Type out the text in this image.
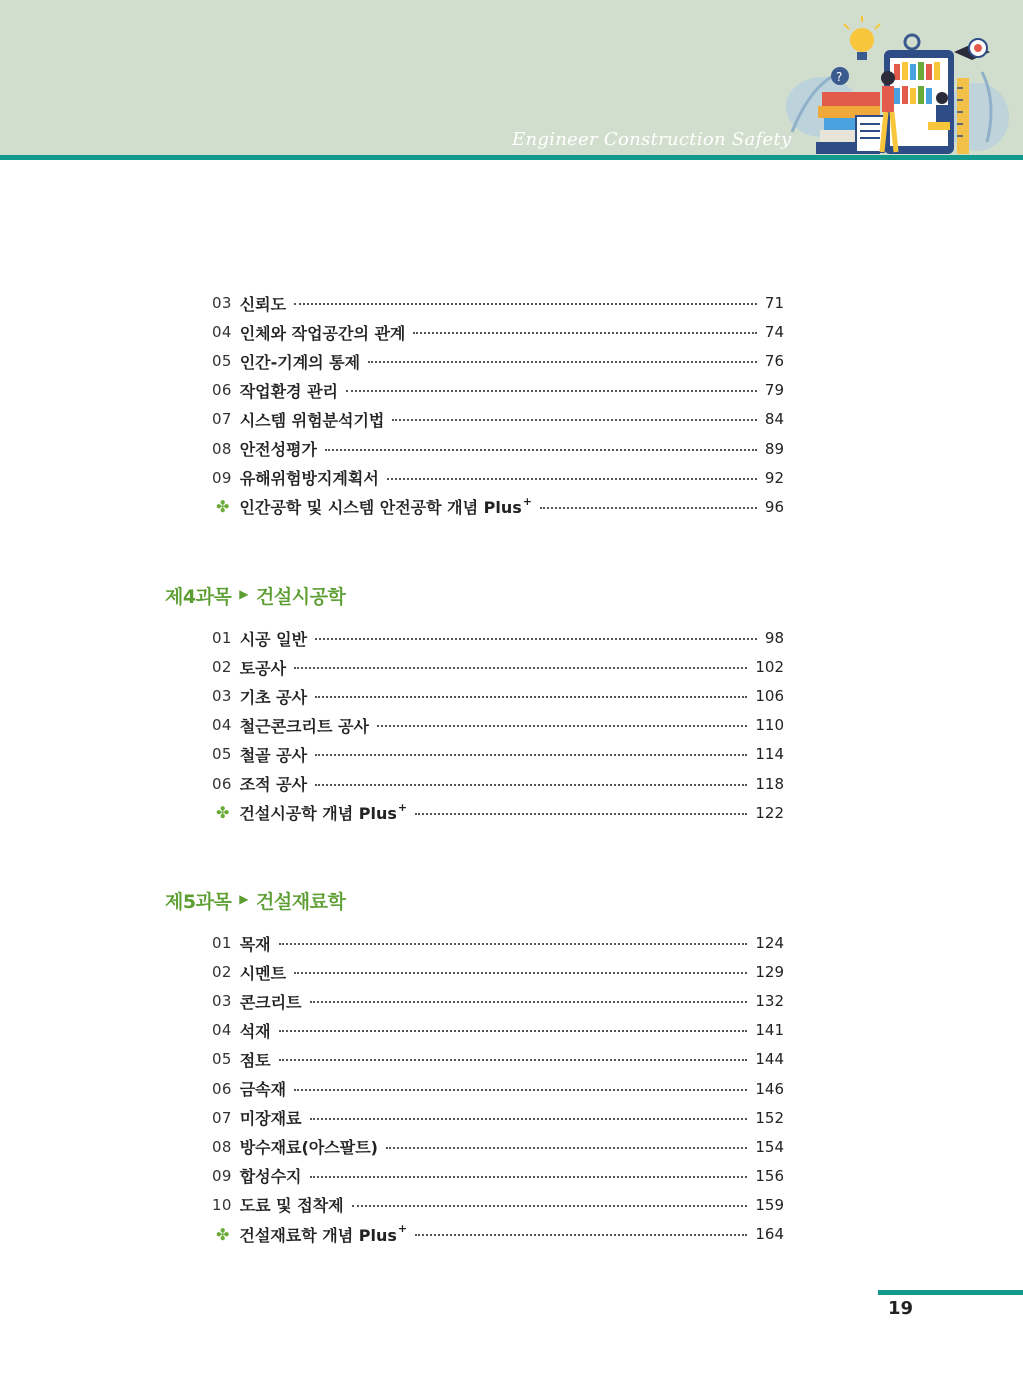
Engineer Construction Safety
?
03 신뢰도	71
04 인체와 작업공간의 관계	74
05 인간-기계의 통제	76
06 작업환경 관리	79
07 시스템 위험분석기법	84
08 안전성평가	89
09 유해위험방지계획서	92
✤ 인간공학 및 시스템 안전공학 개념 Plus+	96
제4과목 ▶ 건설시공학
01 시공 일반	98
02 토공사	102
03 기초 공사	106
04 철근콘크리트 공사	110
05 철골 공사	114
06 조적 공사	118
✤ 건설시공학 개념 Plus+	122
제5과목 ▶ 건설재료학
01 목재	124
02 시멘트	129
03 콘크리트	132
04 석재	141
05 점토	144
06 금속재	146
07 미장재료	152
08 방수재료(아스팔트)	154
09 합성수지	156
10 도료 및 접착제	159
✤ 건설재료학 개념 Plus+	164
19
